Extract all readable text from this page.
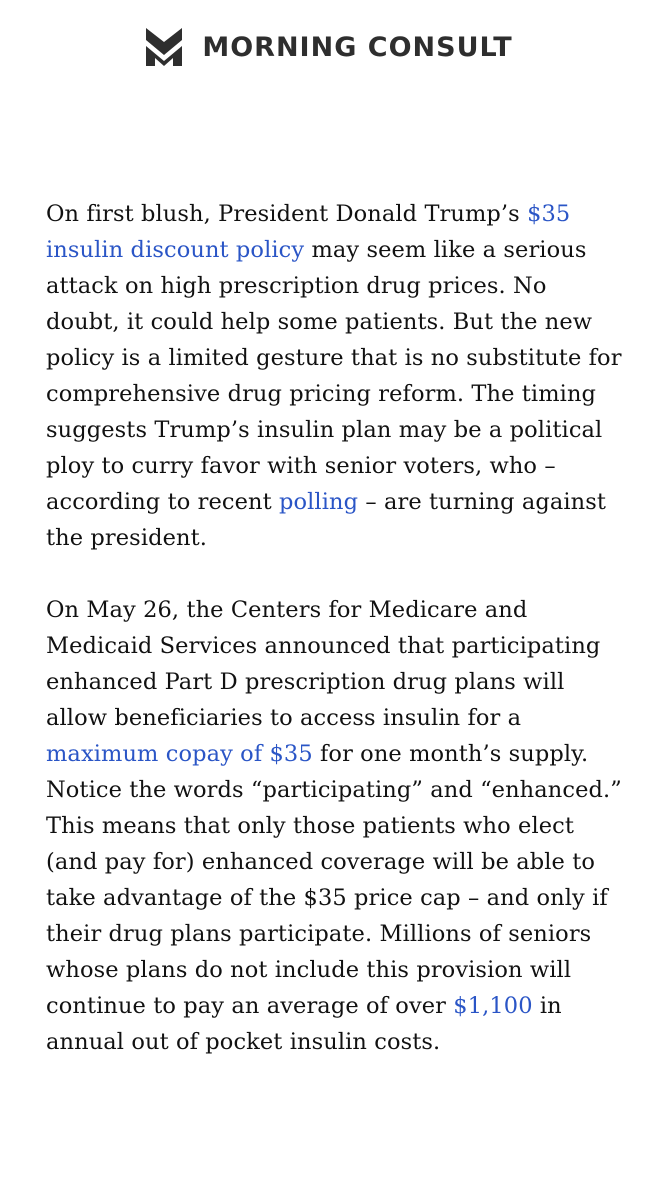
MORNING CONSULT

On first blush, President Donald Trump’s $35 insulin discount policy may seem like a serious attack on high prescription drug prices. No doubt, it could help some patients. But the new policy is a limited gesture that is no substitute for comprehensive drug pricing reform. The timing suggests Trump’s insulin plan may be a political ploy to curry favor with senior voters, who – according to recent polling – are turning against the president.

On May 26, the Centers for Medicare and Medicaid Services announced that participating enhanced Part D prescription drug plans will allow beneficiaries to access insulin for a maximum copay of $35 for one month’s supply. Notice the words “participating” and “enhanced.” This means that only those patients who elect (and pay for) enhanced coverage will be able to take advantage of the $35 price cap – and only if their drug plans participate. Millions of seniors whose plans do not include this provision will continue to pay an average of over $1,100 in annual out of pocket insulin costs.
